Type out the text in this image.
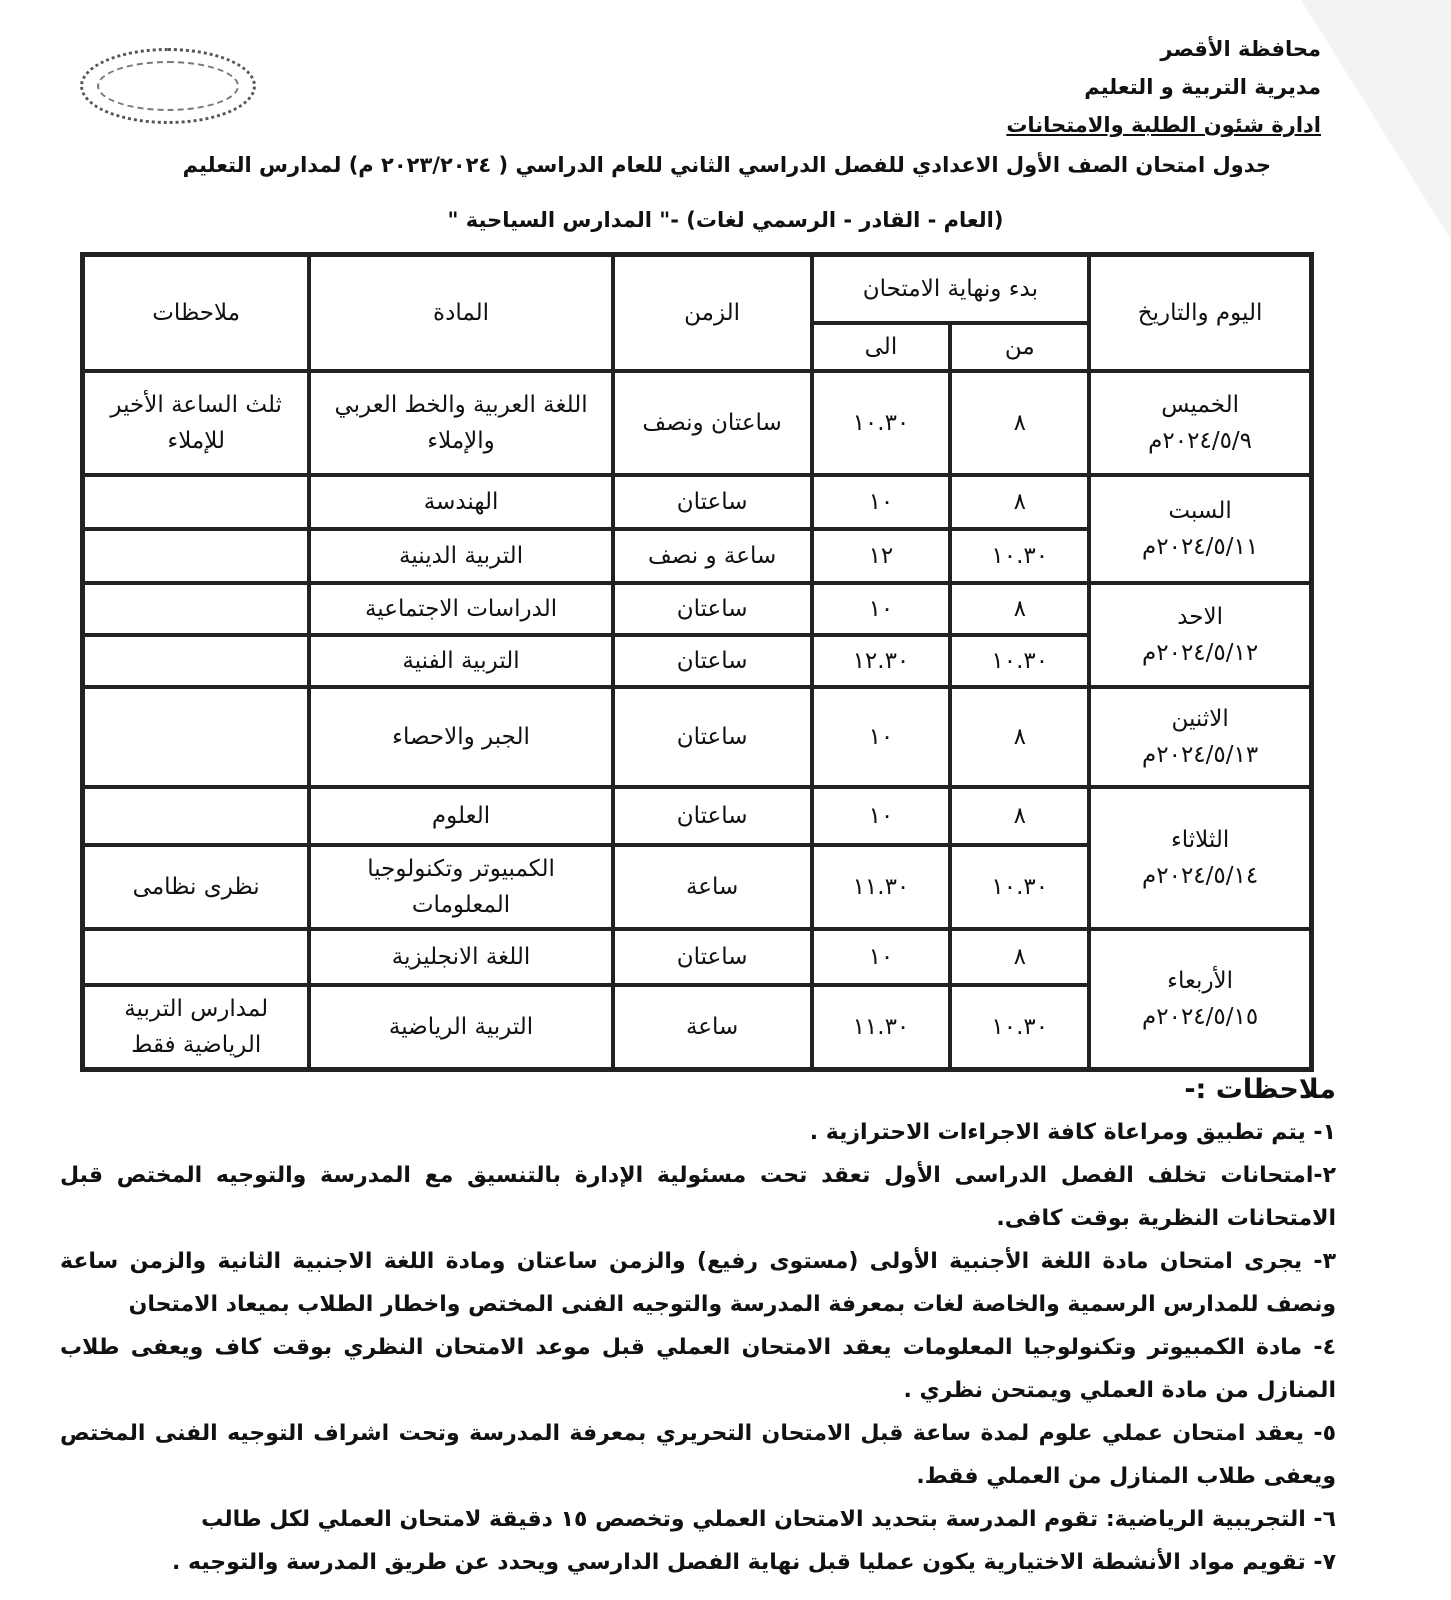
محافظة الأقصر
مديرية التربية و التعليم
ادارة شئون الطلبة والامتحانات
جدول امتحان الصف الأول الاعدادي للفصل الدراسي الثاني للعام الدراسي ( ٢٠٢٣/٢٠٢٤ م) لمدارس التعليم
(العام - القادر - الرسمي لغات) -" المدارس السياحية "
اليوم والتاريخ	بدء ونهاية الامتحان		الزمن	المادة	ملاحظات
	من	الى			

الخميس
٢٠٢٤/٥/٩م	٨	١٠.٣٠	ساعتان ونصف	اللغة العربية والخط العربي والإملاء	ثلث الساعة الأخير للإملاء

السبت
٢٠٢٤/٥/١١م	٨	١٠	ساعتان	الهندسة	
	١٠.٣٠	١٢	ساعة و نصف	التربية الدينية	

الاحد
٢٠٢٤/٥/١٢م	٨	١٠	ساعتان	الدراسات الاجتماعية	
	١٠.٣٠	١٢.٣٠	ساعتان	التربية الفنية	

الاثنين
٢٠٢٤/٥/١٣م	٨	١٠	ساعتان	الجبر والاحصاء	

الثلاثاء
٢٠٢٤/٥/١٤م	٨	١٠	ساعتان	العلوم	
	١٠.٣٠	١١.٣٠	ساعة	الكمبيوتر وتكنولوجيا المعلومات	نظرى نظامى

الأربعاء
٢٠٢٤/٥/١٥م	٨	١٠	ساعتان	اللغة الانجليزية	
	١٠.٣٠	١١.٣٠	ساعة	التربية الرياضية	لمدارس التربية الرياضية فقط
ملاحظات :-

١- يتم تطبيق ومراعاة كافة الاجراءات الاحترازية .

٢-امتحانات تخلف الفصل الدراسى الأول تعقد تحت مسئولية الإدارة بالتنسيق مع المدرسة والتوجيه المختص قبل الامتحانات النظرية بوقت كافى.

٣- يجرى امتحان مادة اللغة الأجنبية الأولى (مستوى رفيع) والزمن ساعتان ومادة اللغة الاجنبية الثانية والزمن ساعة ونصف للمدارس الرسمية والخاصة لغات بمعرفة المدرسة والتوجيه الفنى المختص واخطار الطلاب بميعاد الامتحان

٤- مادة الكمبيوتر وتكنولوجيا المعلومات يعقد الامتحان العملي قبل موعد الامتحان النظري بوقت كاف ويعفى طلاب المنازل من مادة العملي ويمتحن نظري .

٥- يعقد امتحان عملي علوم لمدة ساعة قبل الامتحان التحريري بمعرفة المدرسة وتحت اشراف التوجيه الفنى المختص ويعفى طلاب المنازل من العملي فقط.

٦- التجريبية الرياضية: تقوم المدرسة بتحديد الامتحان العملي وتخصص ١٥ دقيقة لامتحان العملي لكل طالب

٧- تقويم مواد الأنشطة الاختيارية يكون عمليا قبل نهاية الفصل الدارسي ويحدد عن طريق المدرسة والتوجيه .
